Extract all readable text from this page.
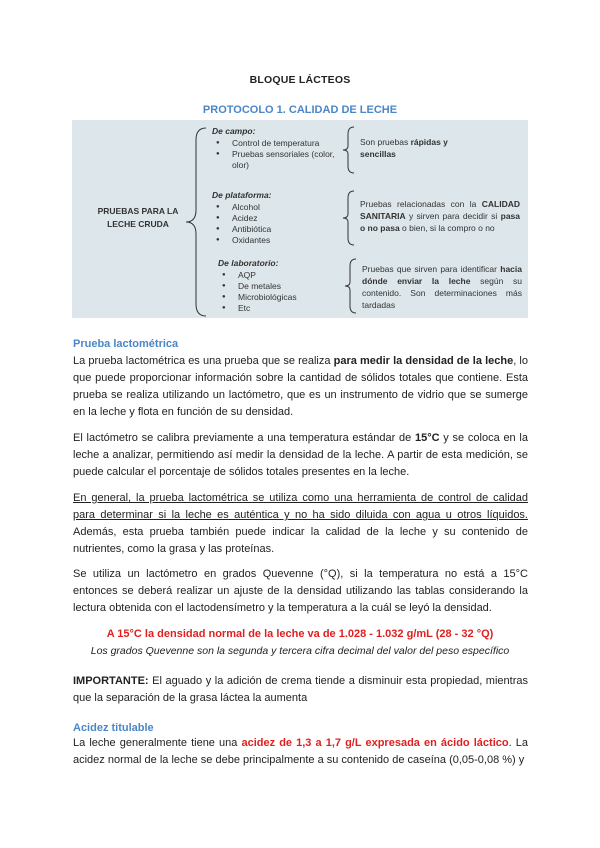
BLOQUE LÁCTEOS
PROTOCOLO 1. CALIDAD DE LECHE
PRUEBAS PARA LA LECHE CRUDA
De campo:
● Control de temperatura
● Pruebas sensoriales (color, olor)
Son pruebas rápidas y sencillas
De plataforma:
● Alcohol
● Acidez
● Antibiótica
● Oxidantes
Pruebas relacionadas con la CALIDAD SANITARIA y sirven para decidir si pasa o no pasa o bien, si la compro o no
De laboratorio:
● AQP
● De metales
● Microbiológicas
● Etc
Pruebas que sirven para identificar hacia dónde enviar la leche según su contenido. Son determinaciones más tardadas
Prueba lactométrica
La prueba lactométrica es una prueba que se realiza para medir la densidad de la leche, lo que puede proporcionar información sobre la cantidad de sólidos totales que contiene. Esta prueba se realiza utilizando un lactómetro, que es un instrumento de vidrio que se sumerge en la leche y flota en función de su densidad.
El lactómetro se calibra previamente a una temperatura estándar de 15°C y se coloca en la leche a analizar, permitiendo así medir la densidad de la leche. A partir de esta medición, se puede calcular el porcentaje de sólidos totales presentes en la leche.
En general, la prueba lactométrica se utiliza como una herramienta de control de calidad para determinar si la leche es auténtica y no ha sido diluida con agua u otros líquidos. Además, esta prueba también puede indicar la calidad de la leche y su contenido de nutrientes, como la grasa y las proteínas.
Se utiliza un lactómetro en grados Quevenne (°Q), si la temperatura no está a 15°C entonces se deberá realizar un ajuste de la densidad utilizando las tablas considerando la lectura obtenida con el lactodensímetro y la temperatura a la cuál se leyó la densidad.
A 15°C la densidad normal de la leche va de 1.028 - 1.032 g/mL (28 - 32 °Q)
Los grados Quevenne son la segunda y tercera cifra decimal del valor del peso específico
IMPORTANTE: El aguado y la adición de crema tiende a disminuir esta propiedad, mientras que la separación de la grasa láctea la aumenta
Acidez titulable
La leche generalmente tiene una acidez de 1,3 a 1,7 g/L expresada en ácido láctico. La acidez normal de la leche se debe principalmente a su contenido de caseína (0,05-0,08 %) y
